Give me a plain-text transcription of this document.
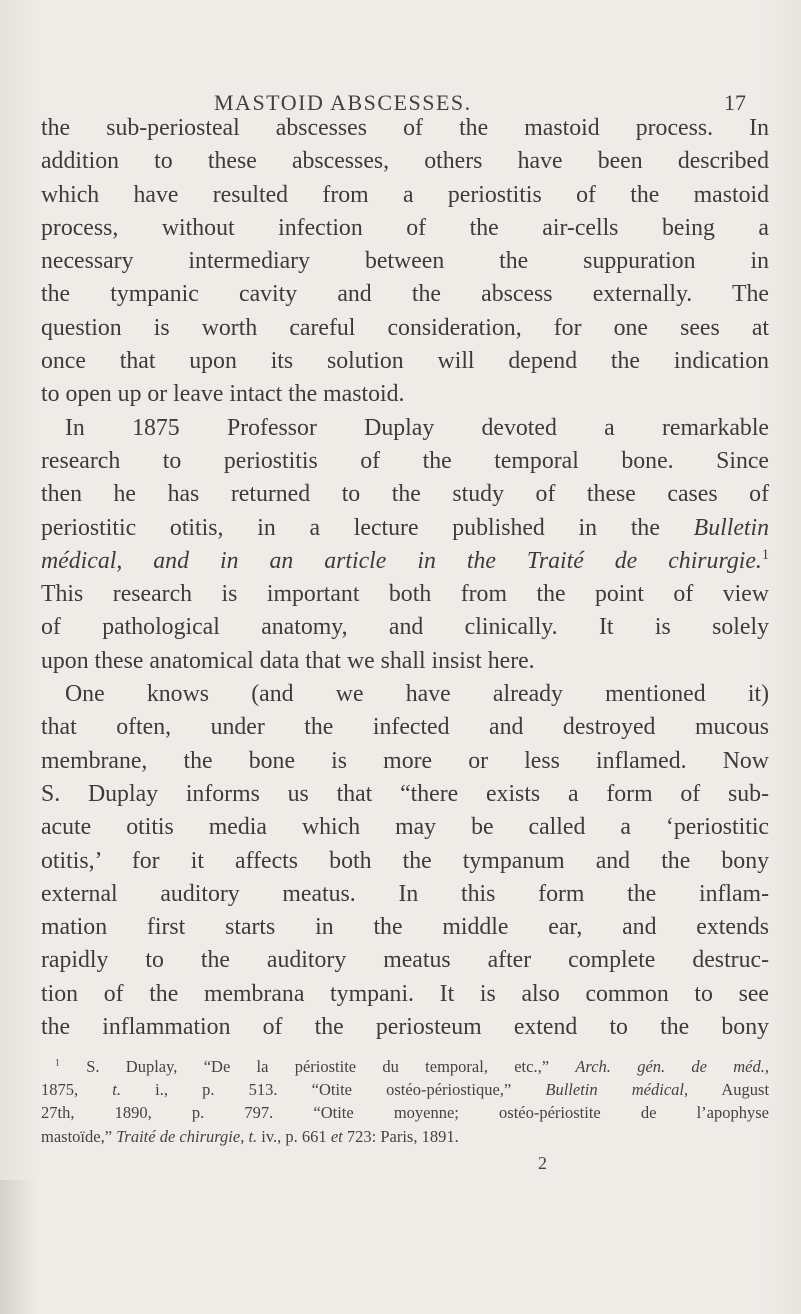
MASTOID ABSCESSES.	17
the sub-periosteal abscesses of the mastoid process. In
addition to these abscesses, others have been described
which have resulted from a periostitis of the mastoid
process, without infection of the air-cells being a
necessary intermediary between the suppuration in
the tympanic cavity and the abscess externally. The
question is worth careful consideration, for one sees at
once that upon its solution will depend the indication
to open up or leave intact the mastoid.
In 1875 Professor Duplay devoted a remarkable
research to periostitis of the temporal bone. Since
then he has returned to the study of these cases of
periostitic otitis, in a lecture published in the Bulletin
médical, and in an article in the Traité de chirurgie.$^1$
This research is important both from the point of view
of pathological anatomy, and clinically. It is solely
upon these anatomical data that we shall insist here.
One knows (and we have already mentioned it)
that often, under the infected and destroyed mucous
membrane, the bone is more or less inflamed. Now
S. Duplay informs us that “there exists a form of sub-
acute otitis media which may be called a ‘periostitic
otitis,’ for it affects both the tympanum and the bony
external auditory meatus. In this form the inflam-
mation first starts in the middle ear, and extends
rapidly to the auditory meatus after complete destruc-
tion of the membrana tympani. It is also common to see
the inflammation of the periosteum extend to the bony
$^1$ S. Duplay, “De la périostite du temporal, etc.,” Arch. gén. de méd.,
1875, t. i., p. 513. “Otite ostéo-périostique,” Bulletin médical, August
27th, 1890, p. 797. “Otite moyenne; ostéo-périostite de l’apophyse
mastoïde,” Traité de chirurgie, t. iv., p. 661 et 723: Paris, 1891.
2
